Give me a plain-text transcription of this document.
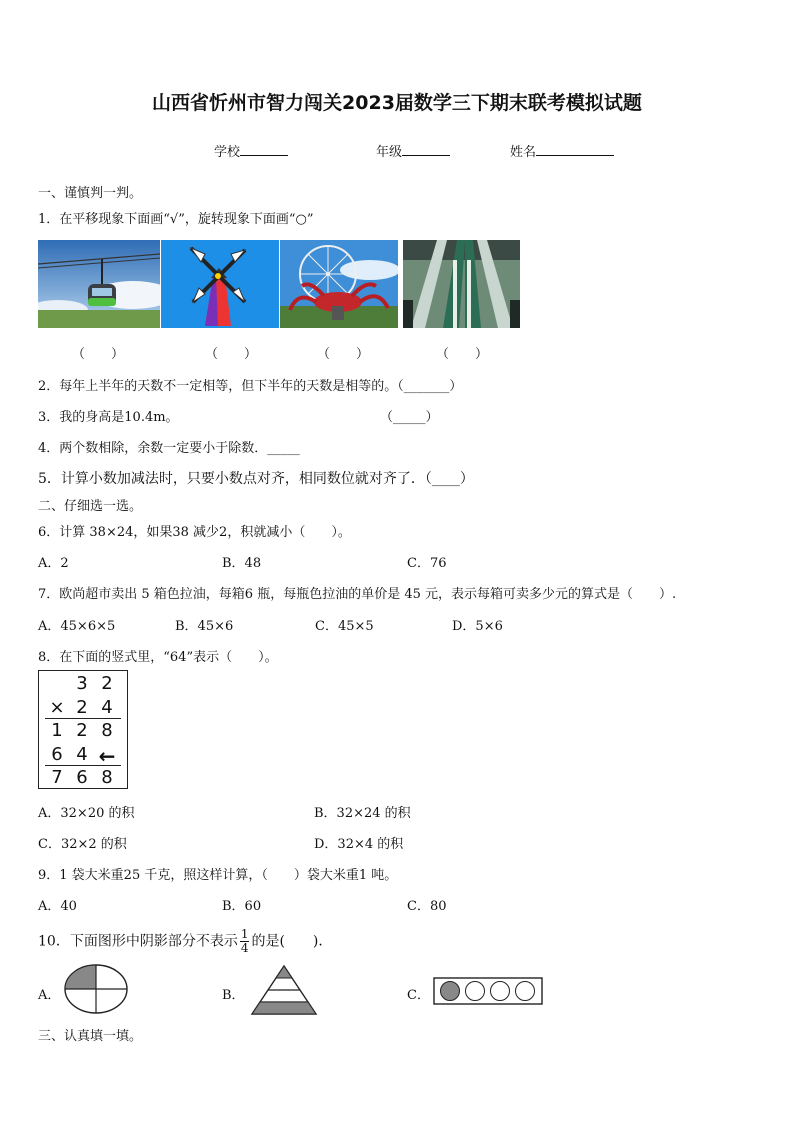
山西省忻州市智力闯关2023届数学三下期末联考模拟试题
学校	年级	姓名
一、谨慎判一判。
1．在平移现象下面画“√”，旋转现象下面画“○”
（　　）	（　　）	（　　）	（　　）
2．每年上半年的天数不一定相等，但下半年的天数是相等的。（_______）
3．我的身高是10.4m。	（_____）
4．两个数相除，余数一定要小于除数．_____
5．计算小数加减法时，只要小数点对齐，相同数位就对齐了．（____）
二、仔细选一选。
6．计算 38×24，如果38 减少2，积就减小（　　）。
A．2	B．48	C．76
7．欧尚超市卖出 5 箱色拉油，每箱6 瓶，每瓶色拉油的单价是 45 元，表示每箱可卖多少元的算式是（　　）.
A．45×6×5	B．45×6	C．45×5	D．5×6
8．在下面的竖式里，“64”表示（　　）。
3 2
× 2 4
1 2 8
6 4 ←
7 6 8
A．32×20 的积	B．32×24 的积
C．32×2 的积	D．32×4 的积
9．1 袋大米重25 千克，照这样计算，（　　）袋大米重1 吨。
A．40	B．60	C．80
10．下面图形中阴影部分不表示 $\frac{1}{4}$ 的是(　　)．
A．	B．	C．
三、认真填一填。
